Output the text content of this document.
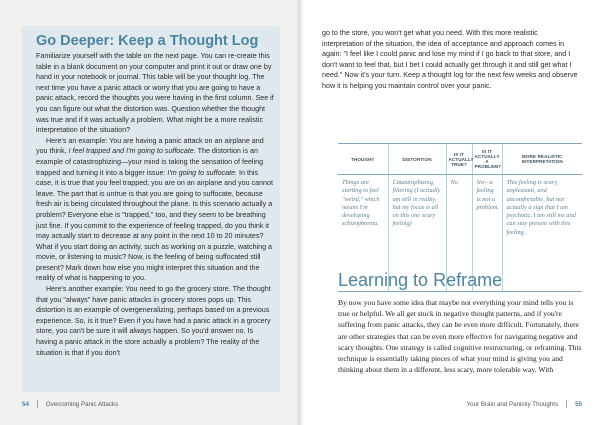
Go Deeper: Keep a Thought Log

Familiarize yourself with the table on the next page. You can re-create this table in a blank document on your computer and print it out or draw one by hand in your notebook or journal. This table will be your thought log. The next time you have a panic attack or worry that you are going to have a panic attack, record the thoughts you were having in the first column. See if you can figure out what the distortion was. Question whether the thought was true and if it was actually a problem. What might be a more realistic interpretation of the situation?

Here's an example: You are having a panic attack on an airplane and you think, I feel trapped and I'm going to suffocate. The distortion is an example of catastrophizing—your mind is taking the sensation of feeling trapped and turning it into a bigger issue: I'm going to suffocate. In this case, it is true that you feel trapped; you are on an airplane and you cannot leave. The part that is untrue is that you are going to suffocate, because fresh air is being circulated throughout the plane. Is this scenario actually a problem? Everyone else is "trapped," too, and they seem to be breathing just fine. If you commit to the experience of feeling trapped, do you think it may actually start to decrease at any point in the next 10 to 20 minutes? What if you start doing an activity, such as working on a puzzle, watching a movie, or listening to music? Now, is the feeling of being suffocated still present? Mark down how else you might interpret this situation and the reality of what is happening to you.

Here's another example: You need to go the grocery store. The thought that you "always" have panic attacks in grocery stores pops up. This distortion is an example of overgeneralizing, perhaps based on a previous experience. So, is it true? Even if you have had a panic attack in a grocery store, you can't be sure it will always happen. So you'd answer no. Is having a panic attack in the store actually a problem? The reality of the situation is that if you don't

54	Overcoming Panic Attacks

go to the store, you won't get what you need. With this more realistic interpretation of the situation, the idea of acceptance and approach comes in again: "I feel like I could panic and lose my mind if I go back to that store, and I don't want to feel that, but I bet I could actually get through it and still get what I need." Now it's your turn. Keep a thought log for the next few weeks and observe how it is helping you maintain control over your panic.

THOUGHT	DISTORTION	IS IT ACTUALLY TRUE?	IS IT ACTUALLY A PROBLEM?	MORE REALISTIC INTERPRETATION
Things are starting to feel "weird," which means I'm developing schizophrenia.	Catastrophizing, filtering (I actually am still in reality, but my focus is all on this one scary feeling)	No	No—a feeling is not a problem.	This feeling is scary, unpleasant, and uncomfortable, but not actually a sign that I am psychotic. I am still me and can stay present with this feeling.
Learning to Reframe

By now you have some idea that maybe not everything your mind tells you is true or helpful. We all get stuck in negative thought patterns, and if you're suffering from panic attacks, they can be even more difficult. Fortunately, there are other strategies that can be even more effective for navigating negative and scary thoughts. One strategy is called cognitive restructuring, or reframing. This technique is essentially taking pieces of what your mind is giving you and thinking about them in a different, less scary, more tolerable way. With

Your Brain and Panicky Thoughts	55
